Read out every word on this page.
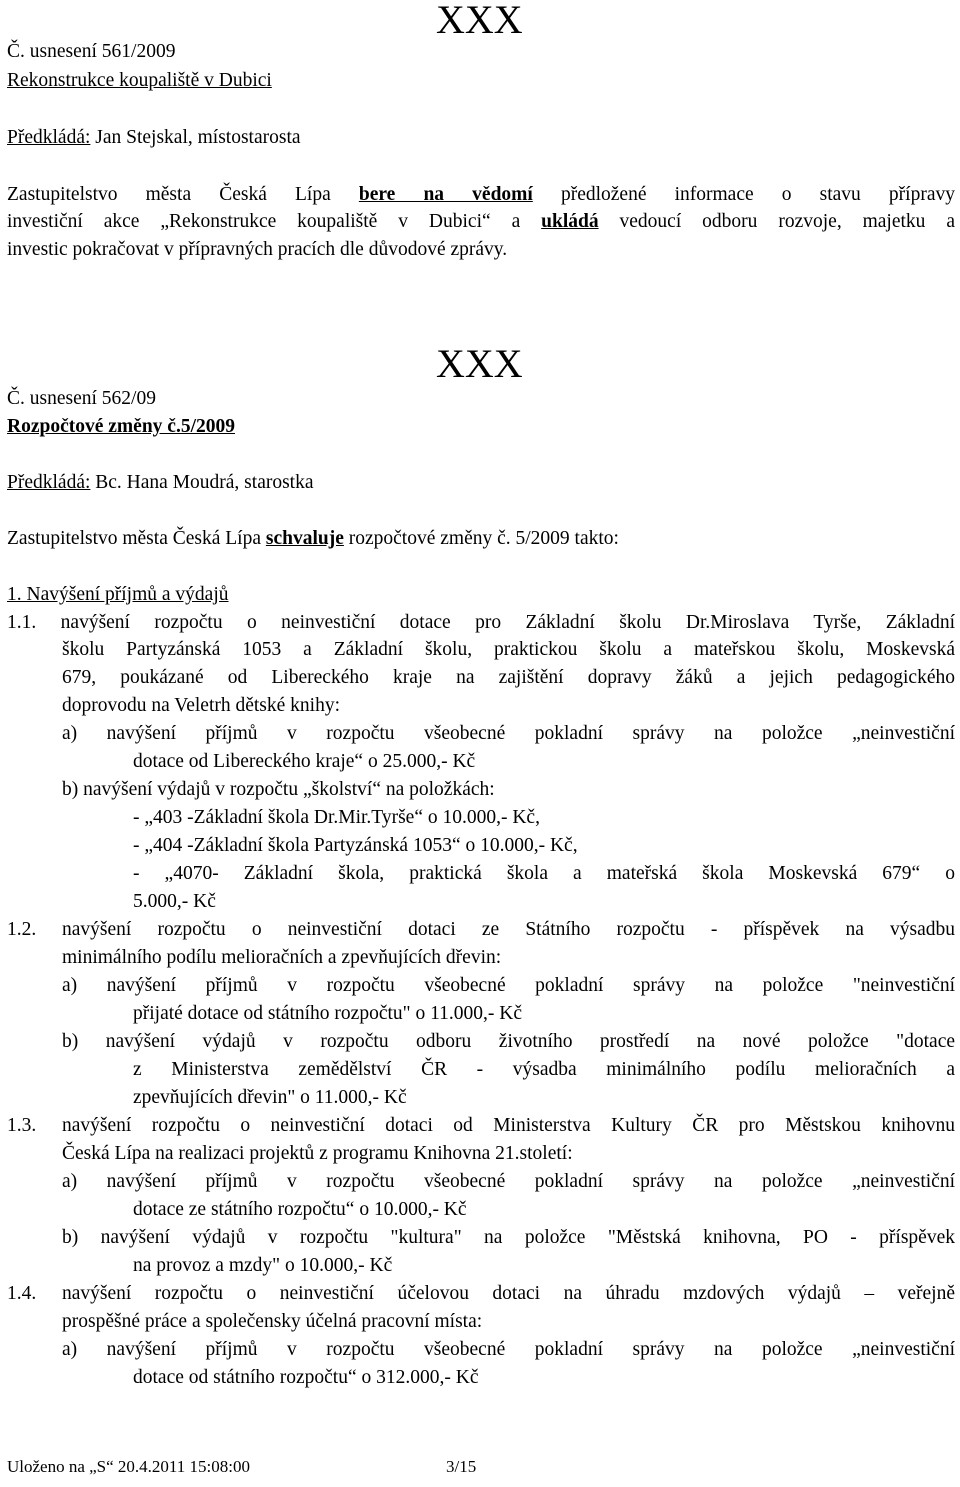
XXX
Č. usnesení 561/2009
Rekonstrukce koupaliště v Dubici
Předkládá: Jan Stejskal, místostarosta
Zastupitelstvo města Česká Lípa bere na vědomí předložené informace o stavu přípravy
investiční akce „Rekonstrukce koupaliště v Dubici“ a ukládá vedoucí odboru rozvoje, majetku a
investic pokračovat v přípravných pracích dle důvodové zprávy.
XXX
Č. usnesení 562/09
Rozpočtové změny č.5/2009
Předkládá: Bc. Hana Moudrá, starostka
Zastupitelstvo města Česká Lípa schvaluje rozpočtové změny č. 5/2009 takto:
1. Navýšení příjmů a výdajů
1.1. navýšení rozpočtu o neinvestiční dotace pro Základní školu Dr.Miroslava Tyrše, Základní
školu Partyzánská 1053 a Základní školu, praktickou školu a mateřskou školu, Moskevská
679, poukázané od Libereckého kraje na zajištění dopravy žáků a jejich pedagogického
doprovodu na Veletrh dětské knihy:
a) navýšení příjmů v rozpočtu všeobecné pokladní správy na položce „neinvestiční
dotace od Libereckého kraje“ o 25.000,- Kč
b) navýšení výdajů v rozpočtu „školství“ na položkách:
- „403 -Základní škola Dr.Mir.Tyrše“ o 10.000,- Kč,
- „404 -Základní škola Partyzánská 1053“ o 10.000,- Kč,
- „4070- Základní škola, praktická škola a mateřská škola Moskevská 679“ o
5.000,- Kč
1.2. navýšení rozpočtu o neinvestiční dotaci ze Státního rozpočtu - příspěvek na výsadbu
minimálního podílu melioračních a zpevňujících dřevin:
a) navýšení příjmů v rozpočtu všeobecné pokladní správy na položce "neinvestiční
přijaté dotace od státního rozpočtu" o 11.000,- Kč
b) navýšení výdajů v rozpočtu odboru životního prostředí na nové položce "dotace
z Ministerstva zemědělství ČR - výsadba minimálního podílu melioračních a
zpevňujících dřevin" o 11.000,- Kč
1.3. navýšení rozpočtu o neinvestiční dotaci od Ministerstva Kultury ČR pro Městskou knihovnu
Česká Lípa na realizaci projektů z programu Knihovna 21.století:
a) navýšení příjmů v rozpočtu všeobecné pokladní správy na položce „neinvestiční
dotace ze státního rozpočtu“ o 10.000,- Kč
b) navýšení výdajů v rozpočtu "kultura" na položce "Městská knihovna, PO - příspěvek
na provoz a mzdy" o 10.000,- Kč
1.4. navýšení rozpočtu o neinvestiční účelovou dotaci na úhradu mzdových výdajů – veřejně
prospěšné práce a společensky účelná pracovní místa:
a) navýšení příjmů v rozpočtu všeobecné pokladní správy na položce „neinvestiční
dotace od státního rozpočtu“ o 312.000,- Kč
Uloženo na „S“ 20.4.2011 15:08:00	3/15
